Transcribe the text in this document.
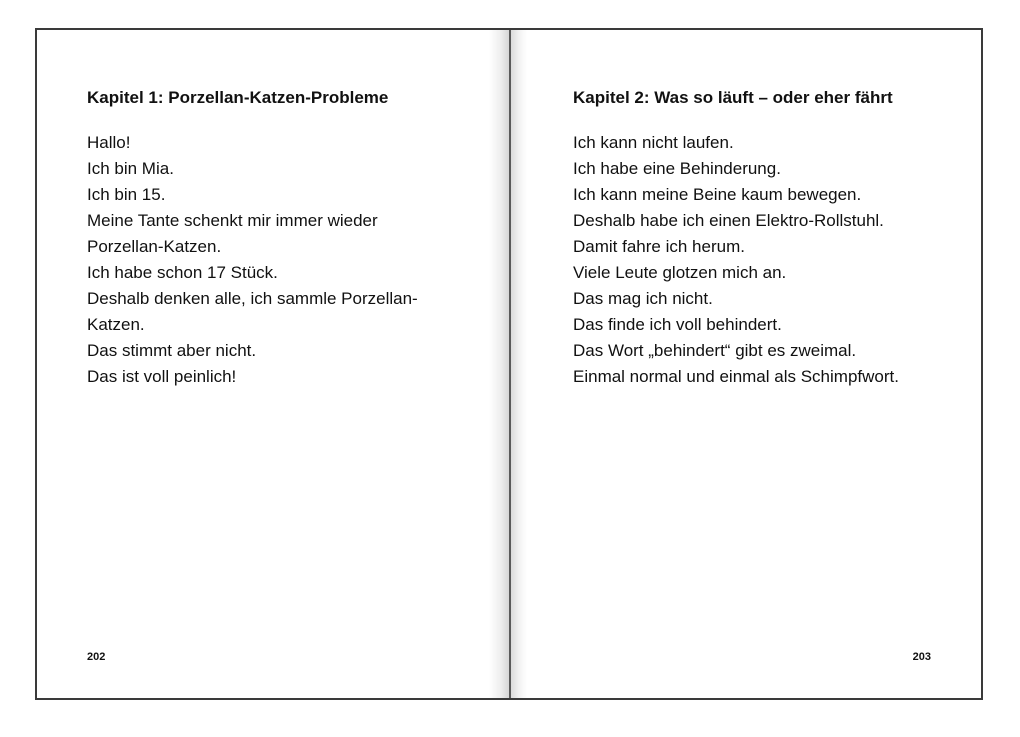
Kapitel 1: Porzellan-Katzen-Probleme
Hallo!
Ich bin Mia.
Ich bin 15.
Meine Tante schenkt mir immer wieder
Porzellan-Katzen.
Ich habe schon 17 Stück.
Deshalb denken alle, ich sammle Porzellan-
Katzen.
Das stimmt aber nicht.
Das ist voll peinlich!
202
Kapitel 2: Was so läuft – oder eher fährt
Ich kann nicht laufen.
Ich habe eine Behinderung.
Ich kann meine Beine kaum bewegen.
Deshalb habe ich einen Elektro-Rollstuhl.
Damit fahre ich herum.
Viele Leute glotzen mich an.
Das mag ich nicht.
Das finde ich voll behindert.
Das Wort „behindert“ gibt es zweimal.
Einmal normal und einmal als Schimpfwort.
203
